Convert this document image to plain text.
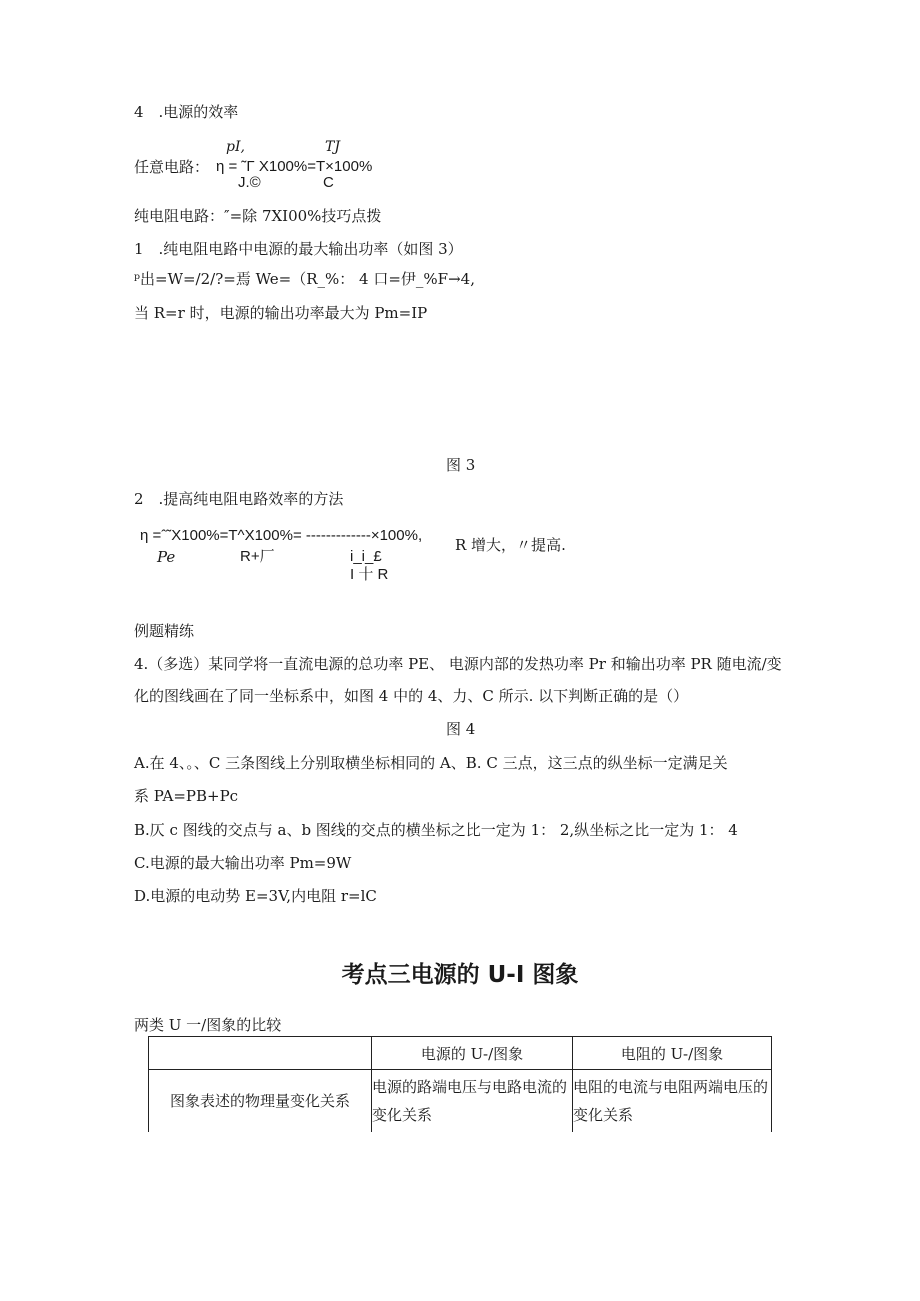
4　.电源的效率
pI,	TJ
任意电路： η = ˜Γ X100%=T×100%
J.©	C
纯电阻电路：″=除 7XI00%技巧点拨
1　.纯电阻电路中电源的最大输出功率（如图 3）
ᵖ出=W=/2/?=焉 We=（R_%： 4 口=伊_%F→4,
当 R=r 时，电源的输出功率最大为 Pm=IP
图 3
2　.提高纯电阻电路效率的方法
η =ˆ˜X100%=T^X100%= -------------×100%,
R 增大，〃提高.
Pe	R+厂	i_i_£
I 十 R
例题精练
4.（多选）某同学将一直流电源的总功率 PE、 电源内部的发热功率 Pr 和输出功率 PR 随电流/变
化的图线画在了同一坐标系中，如图 4 中的 4、力、C 所示. 以下判断正确的是（）
图 4
A.在 4、。、C 三条图线上分别取横坐标相同的 A、B. C 三点，这三点的纵坐标一定满足关
系 PA=PB+Pc
B.仄 c 图线的交点与 a、b 图线的交点的横坐标之比一定为 1： 2,纵坐标之比一定为 1： 4
C.电源的最大输出功率 Pm=9W
D.电源的电动势 E=3V,内电阻 r=lC
考点三电源的 U-I 图象
两类 U 一/图象的比较
	电源的 U-/图象	电阻的 U-/图象
图象表述的物理量变化关系	电源的路端电压与电路电流的变化关系	电阻的电流与电阻两端电压的变化关系
